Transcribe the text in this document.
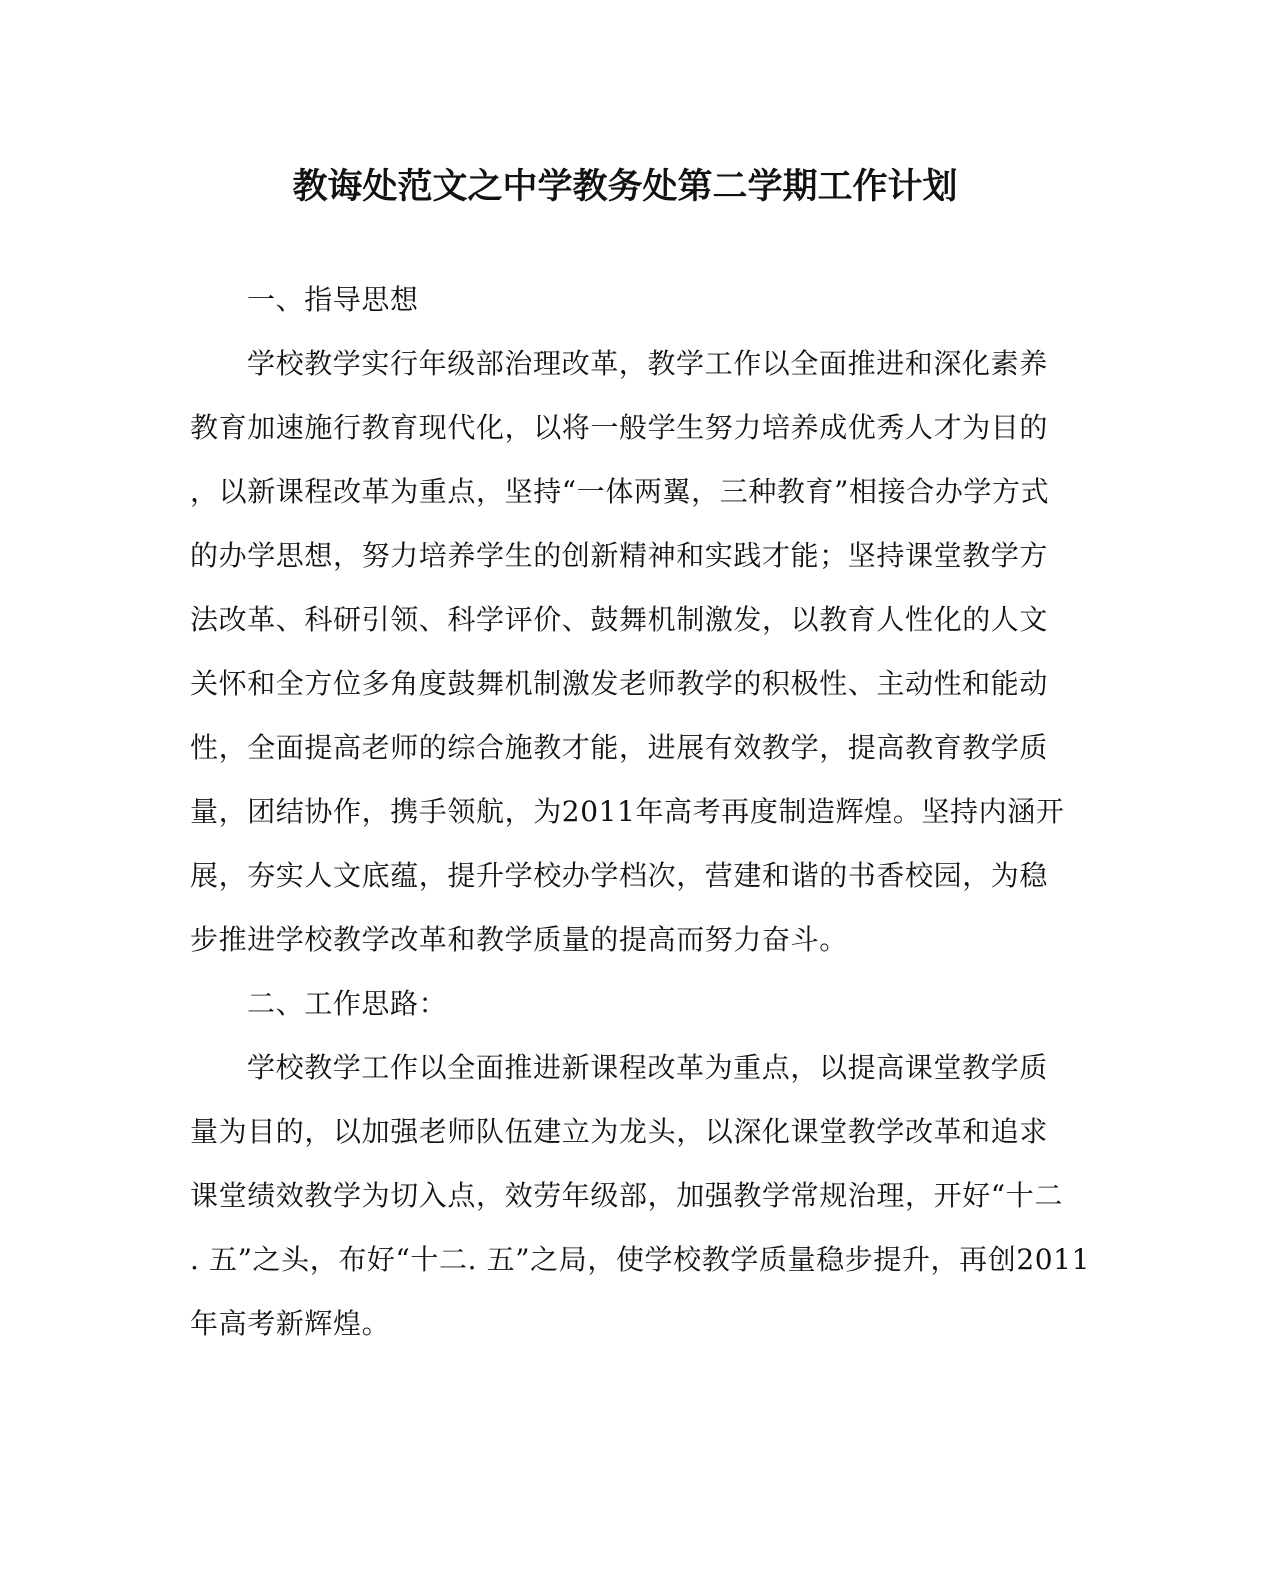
教诲处范文之中学教务处第二学期工作计划
一、指导思想
学校教学实行年级部治理改革，教学工作以全面推进和深化素养
教育加速施行教育现代化，以将一般学生努力培养成优秀人才为目的
，以新课程改革为重点，坚持“一体两翼，三种教育”相接合办学方式
的办学思想，努力培养学生的创新精神和实践才能；坚持课堂教学方
法改革、科研引领、科学评价、鼓舞机制激发，以教育人性化的人文
关怀和全方位多角度鼓舞机制激发老师教学的积极性、主动性和能动
性，全面提高老师的综合施教才能，进展有效教学，提高教育教学质
量，团结协作，携手领航，为2011年高考再度制造辉煌。坚持内涵开
展，夯实人文底蕴，提升学校办学档次，营建和谐的书香校园，为稳
步推进学校教学改革和教学质量的提高而努力奋斗。
二、工作思路：
学校教学工作以全面推进新课程改革为重点，以提高课堂教学质
量为目的，以加强老师队伍建立为龙头，以深化课堂教学改革和追求
课堂绩效教学为切入点，效劳年级部，加强教学常规治理，开好“十二
. 五”之头，布好“十二. 五”之局，使学校教学质量稳步提升，再创2011
年高考新辉煌。
